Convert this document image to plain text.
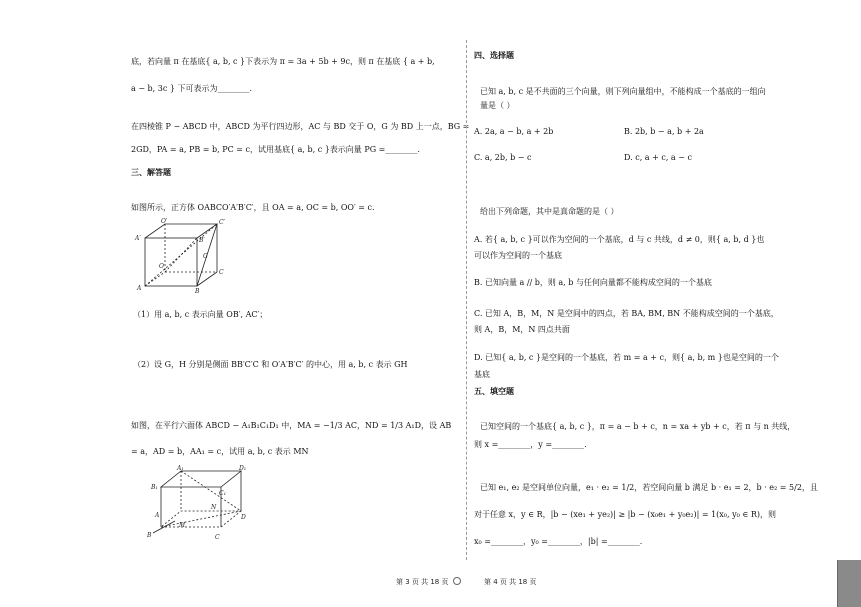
底，若向量 π 在基底{ a, b, c }下表示为 π = 3a + 5b + 9c，则 π 在基底 { a + b,
a − b, 3c } 下可表示为________.
在四棱锥 P − ABCD 中，ABCD 为平行四边形，AC 与 BD 交于 O，G 为 BD 上一点，BG =
2GD，PA = a, PB = b, PC = c，试用基底{ a, b, c }表示向量 PG =________.
三、解答题
如图所示，正方体 OABCO′A′B′C′，且 OA = a, OC = b, OO′ = c.
O′	C′
A′	B′
O
G
C
A	B
（1）用 a, b, c 表示向量 OB′, AC′；
（2）设 G，H 分别是侧面 BB′C′C 和 O′A′B′C′ 的中心，用 a, b, c 表示 GH
如图，在平行六面体 ABCD − A₁B₁C₁D₁ 中，MA = −1/3 AC，ND = 1/3 A₁D，设 AB
= a，AD = b，AA₁ = c，试用 a, b, c 表示 MN
A₁	D₁
B₁
C₁
N
D
A
M
B	C
四、选择题
已知 a, b, c 是不共面的三个向量，则下列向量组中，不能构成一个基底的一组向
量是（ ）
A. 2a, a − b, a + 2b	B. 2b, b − a, b + 2a
C. a, 2b, b − c	D. c, a + c, a − c
给出下列命题，其中是真命题的是（ ）
A. 若{ a, b, c }可以作为空间的一个基底，d 与 c 共线，d ≠ 0，则{ a, b, d }也
可以作为空间的一个基底
B. 已知向量 a // b，则 a, b 与任何向量都不能构成空间的一个基底
C. 已知 A，B，M，N 是空间中的四点，若 BA, BM, BN 不能构成空间的一个基底，
则 A，B，M，N 四点共面
D. 已知{ a, b, c }是空间的一个基底，若 m = a + c，则{ a, b, m }也是空间的一个
基底
五、填空题
已知空间的一个基底{ a, b, c }，π = a − b + c，n = xa + yb + c，若 π 与 n 共线，
则 x =________，y =________.
已知 e₁, e₂ 是空间单位向量，e₁ · e₂ = 1/2，若空间向量 b 满足 b · e₁ = 2，b · e₂ = 5/2，且
对于任意 x，y ∈ R，|b − (xe₁ + ye₂)| ≥ |b − (x₀e₁ + y₀e₂)| = 1(x₀, y₀ ∈ R)，则
x₀ =________，y₀ =________，|b| =________.
第 3 页 共 18 页	第 4 页 共 18 页
